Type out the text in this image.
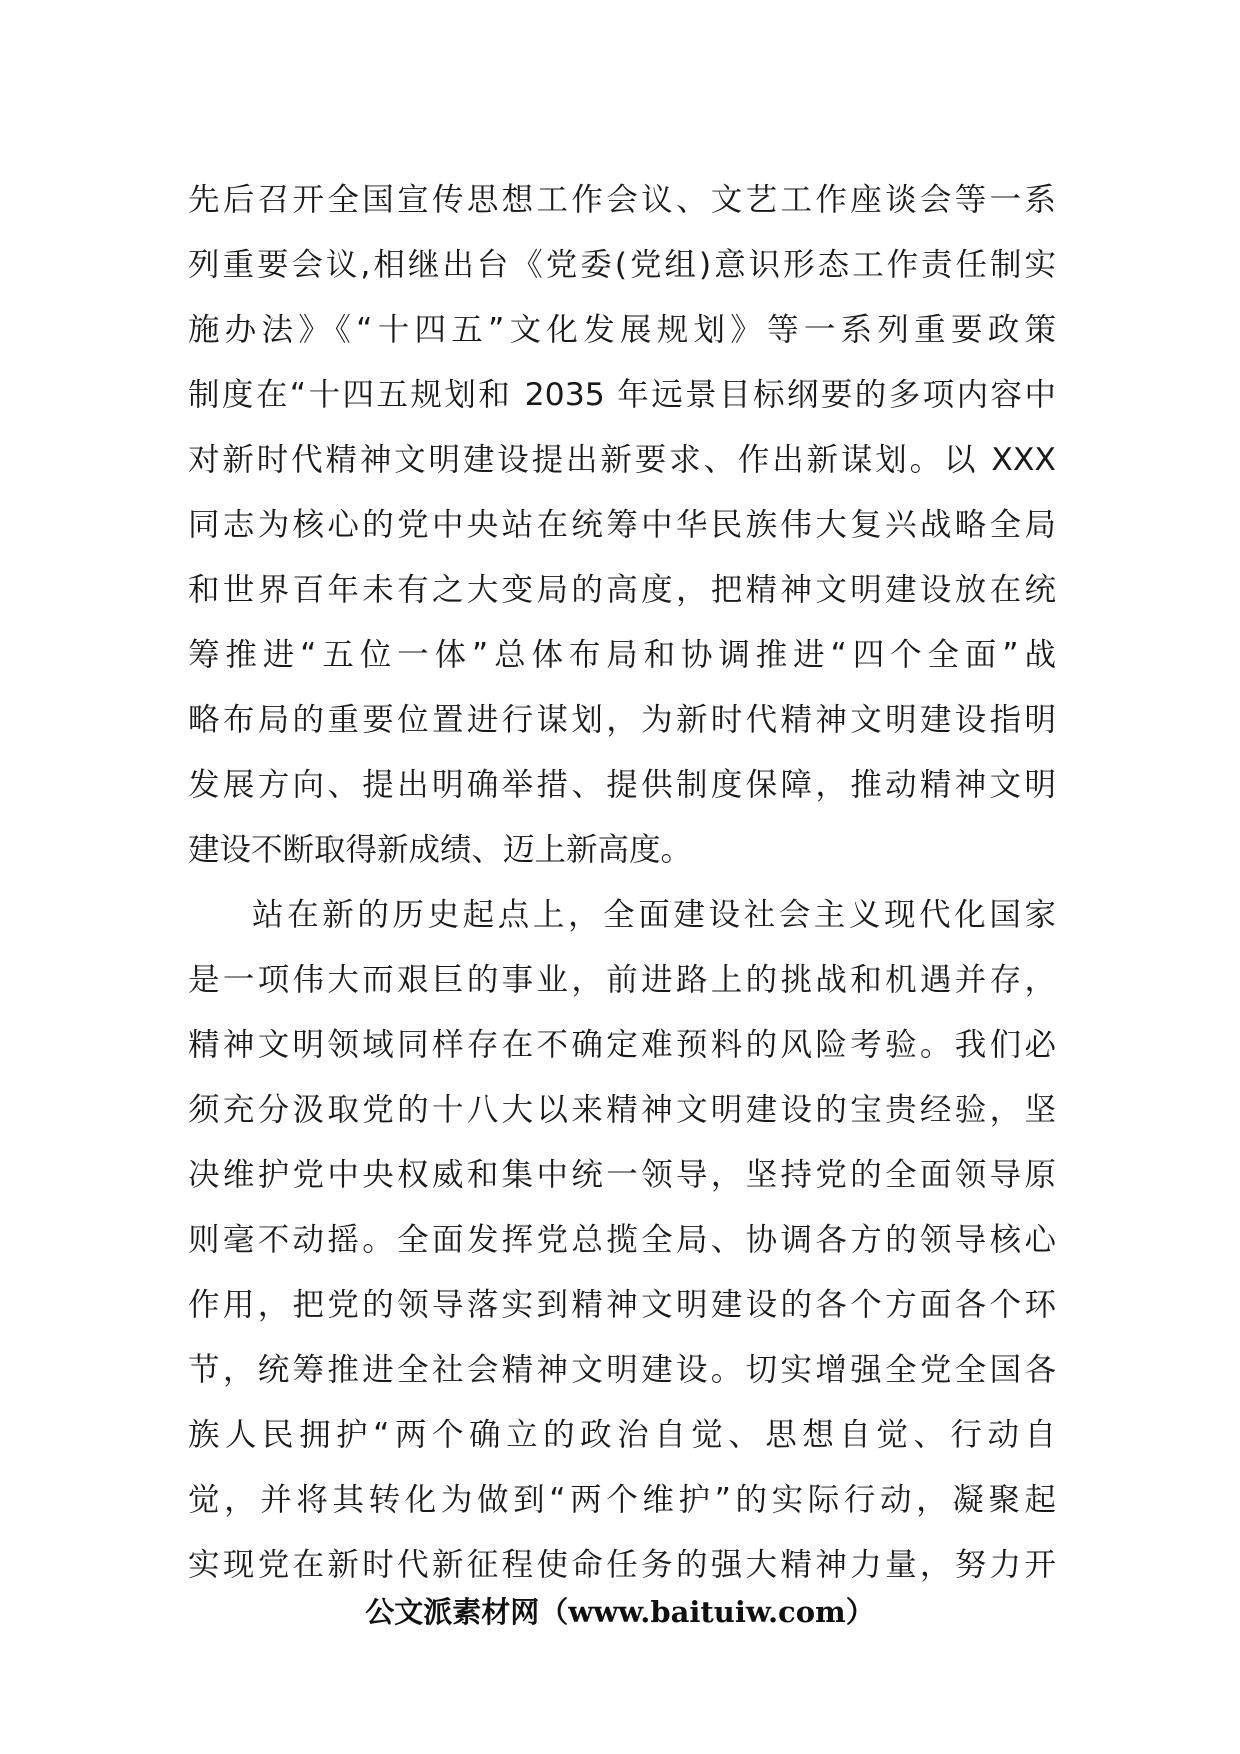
先后召开全国宣传思想工作会议、文艺工作座谈会等一系
列重要会议,相继出台《党委(党组)意识形态工作责任制实
施办法》《“十四五”文化发展规划》等一系列重要政策
制度在“十四五规划和 2035 年远景目标纲要的多项内容中
对新时代精神文明建设提出新要求、作出新谋划。以 XXX
同志为核心的党中央站在统筹中华民族伟大复兴战略全局
和世界百年未有之大变局的高度，把精神文明建设放在统
筹推进“五位一体”总体布局和协调推进“四个全面”战
略布局的重要位置进行谋划，为新时代精神文明建设指明
发展方向、提出明确举措、提供制度保障，推动精神文明
建设不断取得新成绩、迈上新高度。
站在新的历史起点上，全面建设社会主义现代化国家
是一项伟大而艰巨的事业，前进路上的挑战和机遇并存，
精神文明领域同样存在不确定难预料的风险考验。我们必
须充分汲取党的十八大以来精神文明建设的宝贵经验，坚
决维护党中央权威和集中统一领导，坚持党的全面领导原
则毫不动摇。全面发挥党总揽全局、协调各方的领导核心
作用，把党的领导落实到精神文明建设的各个方面各个环
节，统筹推进全社会精神文明建设。切实增强全党全国各
族人民拥护“两个确立的政治自觉、思想自觉、行动自
觉，并将其转化为做到“两个维护”的实际行动，凝聚起
实现党在新时代新征程使命任务的强大精神力量，努力开
公文派素材网（www.baituiw.com）
